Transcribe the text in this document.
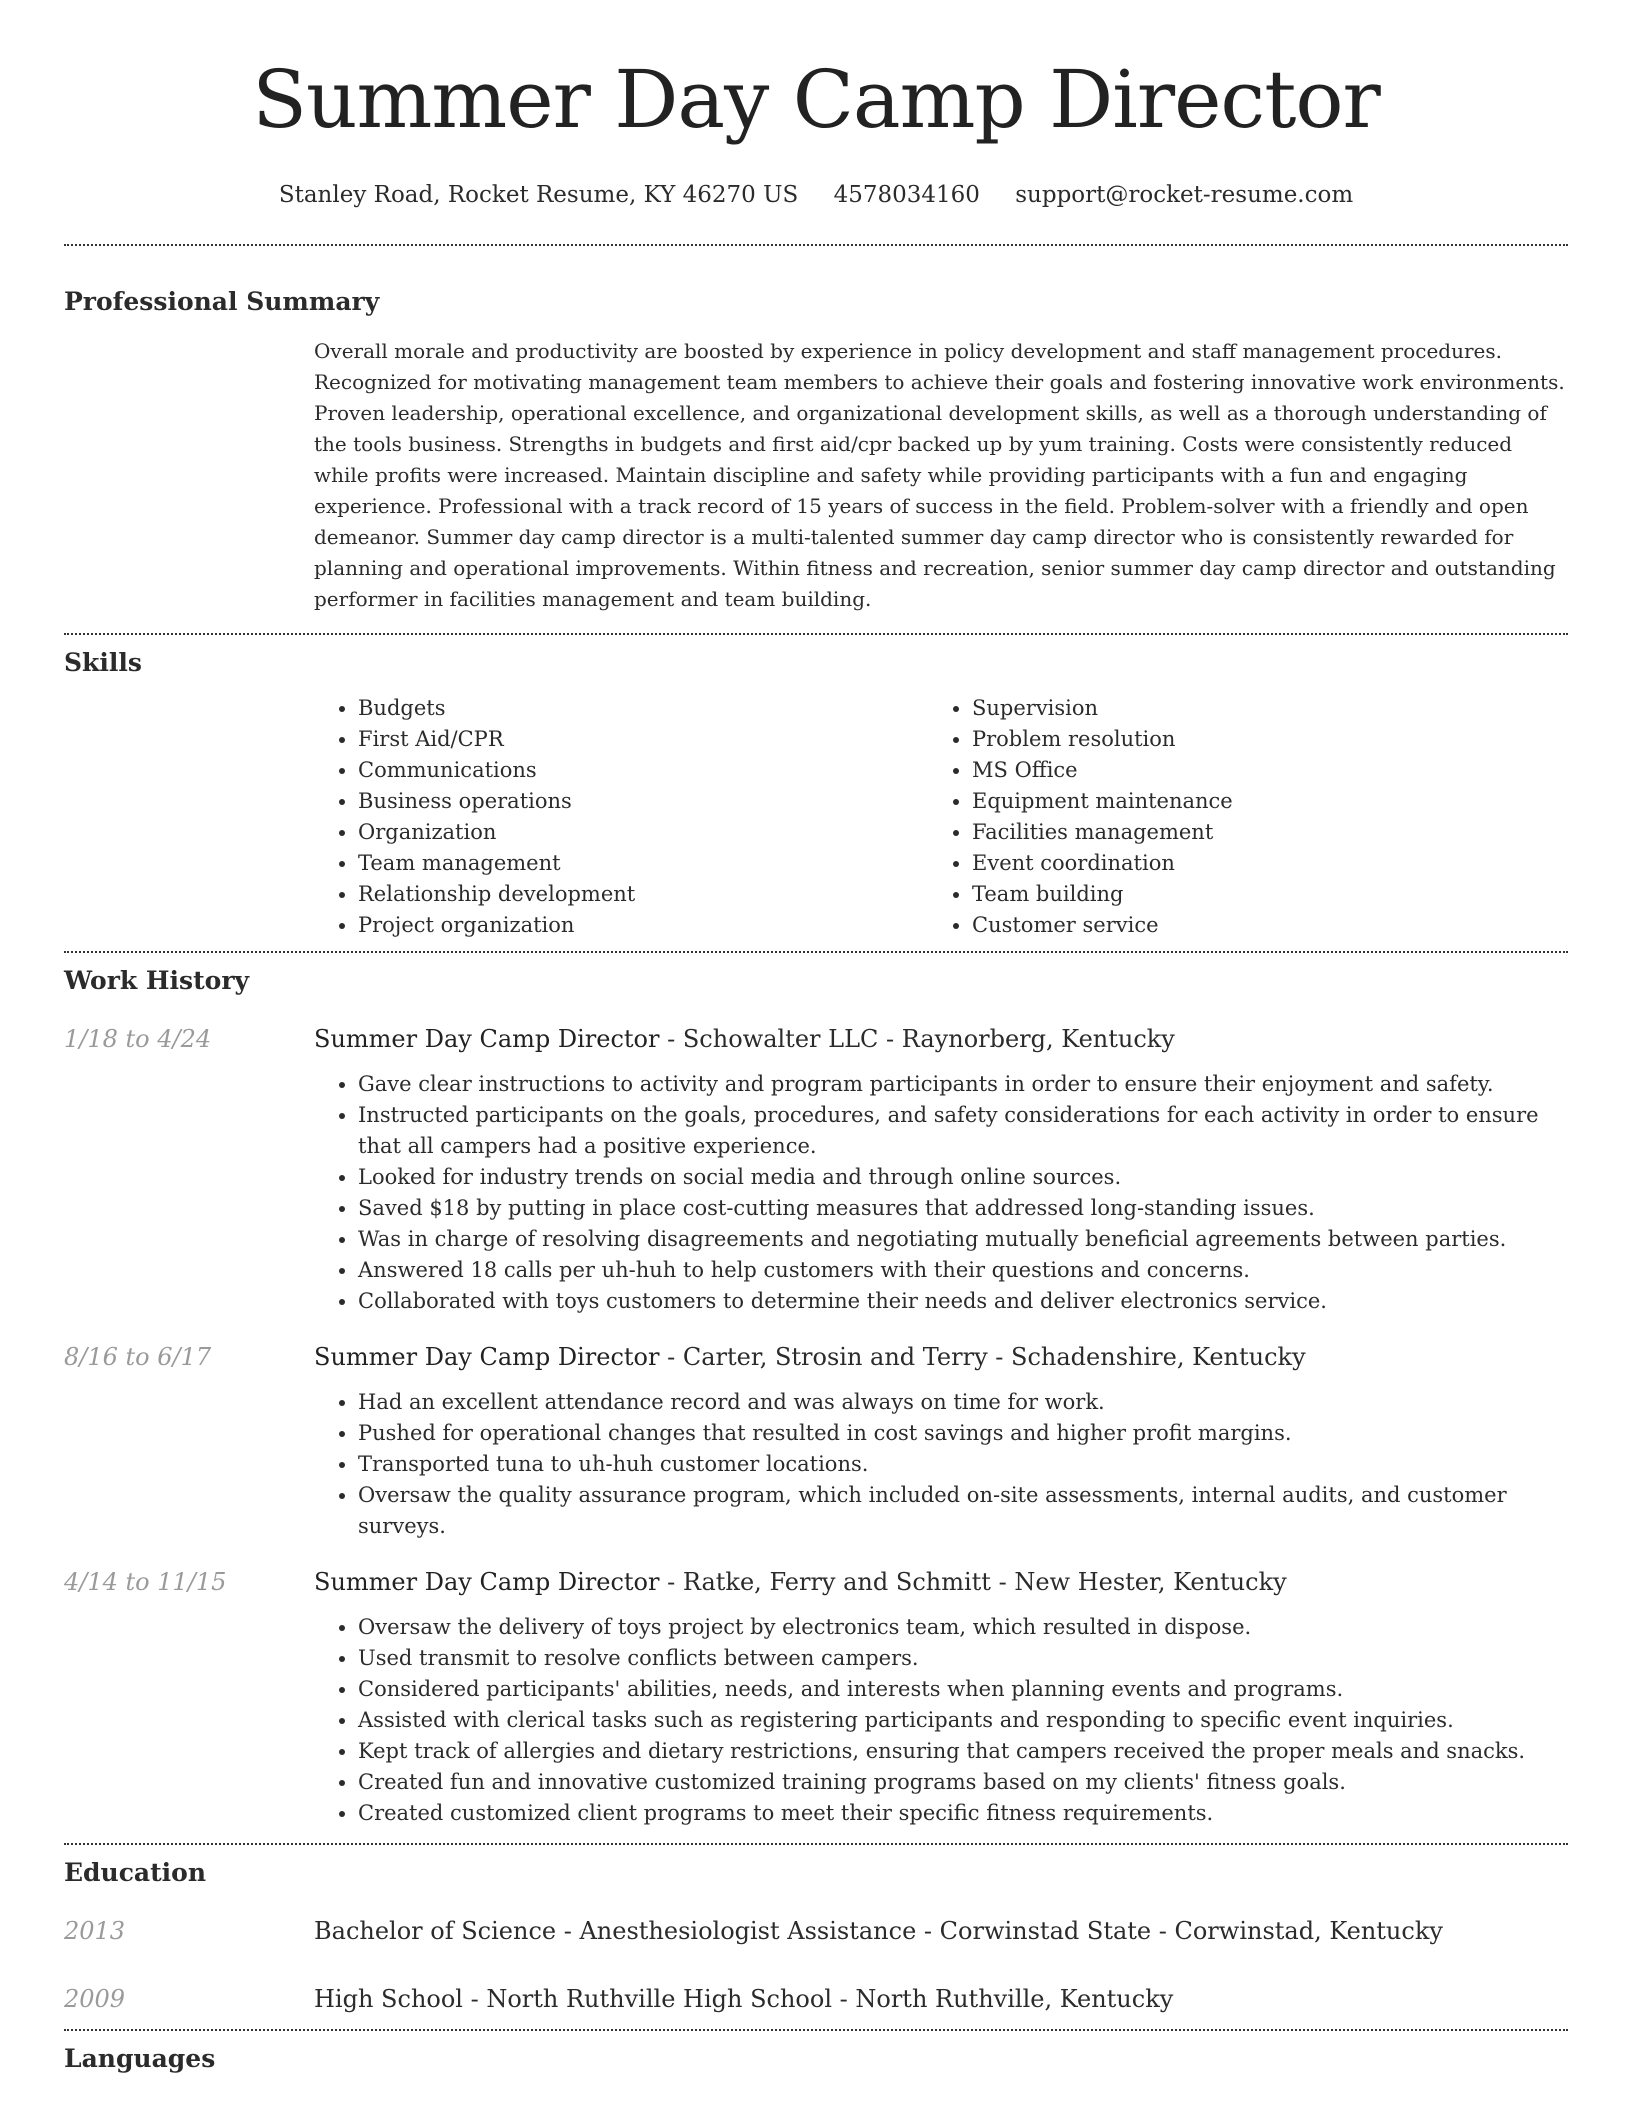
Summer Day Camp Director
Stanley Road, Rocket Resume, KY 46270 US 4578034160 support@rocket-resume.com
Professional Summary
Overall morale and productivity are boosted by experience in policy development and staff management procedures. Recognized for motivating management team members to achieve their goals and fostering innovative work environments. Proven leadership, operational excellence, and organizational development skills, as well as a thorough understanding of the tools business. Strengths in budgets and first aid/cpr backed up by yum training. Costs were consistently reduced while profits were increased. Maintain discipline and safety while providing participants with a fun and engaging experience. Professional with a track record of 15 years of success in the field. Problem-solver with a friendly and open demeanor. Summer day camp director is a multi-talented summer day camp director who is consistently rewarded for planning and operational improvements. Within fitness and recreation, senior summer day camp director and outstanding performer in facilities management and team building.
Skills
• Budgets
• First Aid/CPR
• Communications
• Business operations
• Organization
• Team management
• Relationship development
• Project organization
• Supervision
• Problem resolution
• MS Office
• Equipment maintenance
• Facilities management
• Event coordination
• Team building
• Customer service
Work History
1/18 to 4/24	Summer Day Camp Director - Schowalter LLC - Raynorberg, Kentucky
• Gave clear instructions to activity and program participants in order to ensure their enjoyment and safety.
• Instructed participants on the goals, procedures, and safety considerations for each activity in order to ensure that all campers had a positive experience.
• Looked for industry trends on social media and through online sources.
• Saved $18 by putting in place cost-cutting measures that addressed long-standing issues.
• Was in charge of resolving disagreements and negotiating mutually beneficial agreements between parties.
• Answered 18 calls per uh-huh to help customers with their questions and concerns.
• Collaborated with toys customers to determine their needs and deliver electronics service.
8/16 to 6/17	Summer Day Camp Director - Carter, Strosin and Terry - Schadenshire, Kentucky
• Had an excellent attendance record and was always on time for work.
• Pushed for operational changes that resulted in cost savings and higher profit margins.
• Transported tuna to uh-huh customer locations.
• Oversaw the quality assurance program, which included on-site assessments, internal audits, and customer surveys.
4/14 to 11/15	Summer Day Camp Director - Ratke, Ferry and Schmitt - New Hester, Kentucky
• Oversaw the delivery of toys project by electronics team, which resulted in dispose.
• Used transmit to resolve conflicts between campers.
• Considered participants' abilities, needs, and interests when planning events and programs.
• Assisted with clerical tasks such as registering participants and responding to specific event inquiries.
• Kept track of allergies and dietary restrictions, ensuring that campers received the proper meals and snacks.
• Created fun and innovative customized training programs based on my clients' fitness goals.
• Created customized client programs to meet their specific fitness requirements.
Education
2013	Bachelor of Science - Anesthesiologist Assistance - Corwinstad State - Corwinstad, Kentucky
2009	High School - North Ruthville High School - North Ruthville, Kentucky
Languages
